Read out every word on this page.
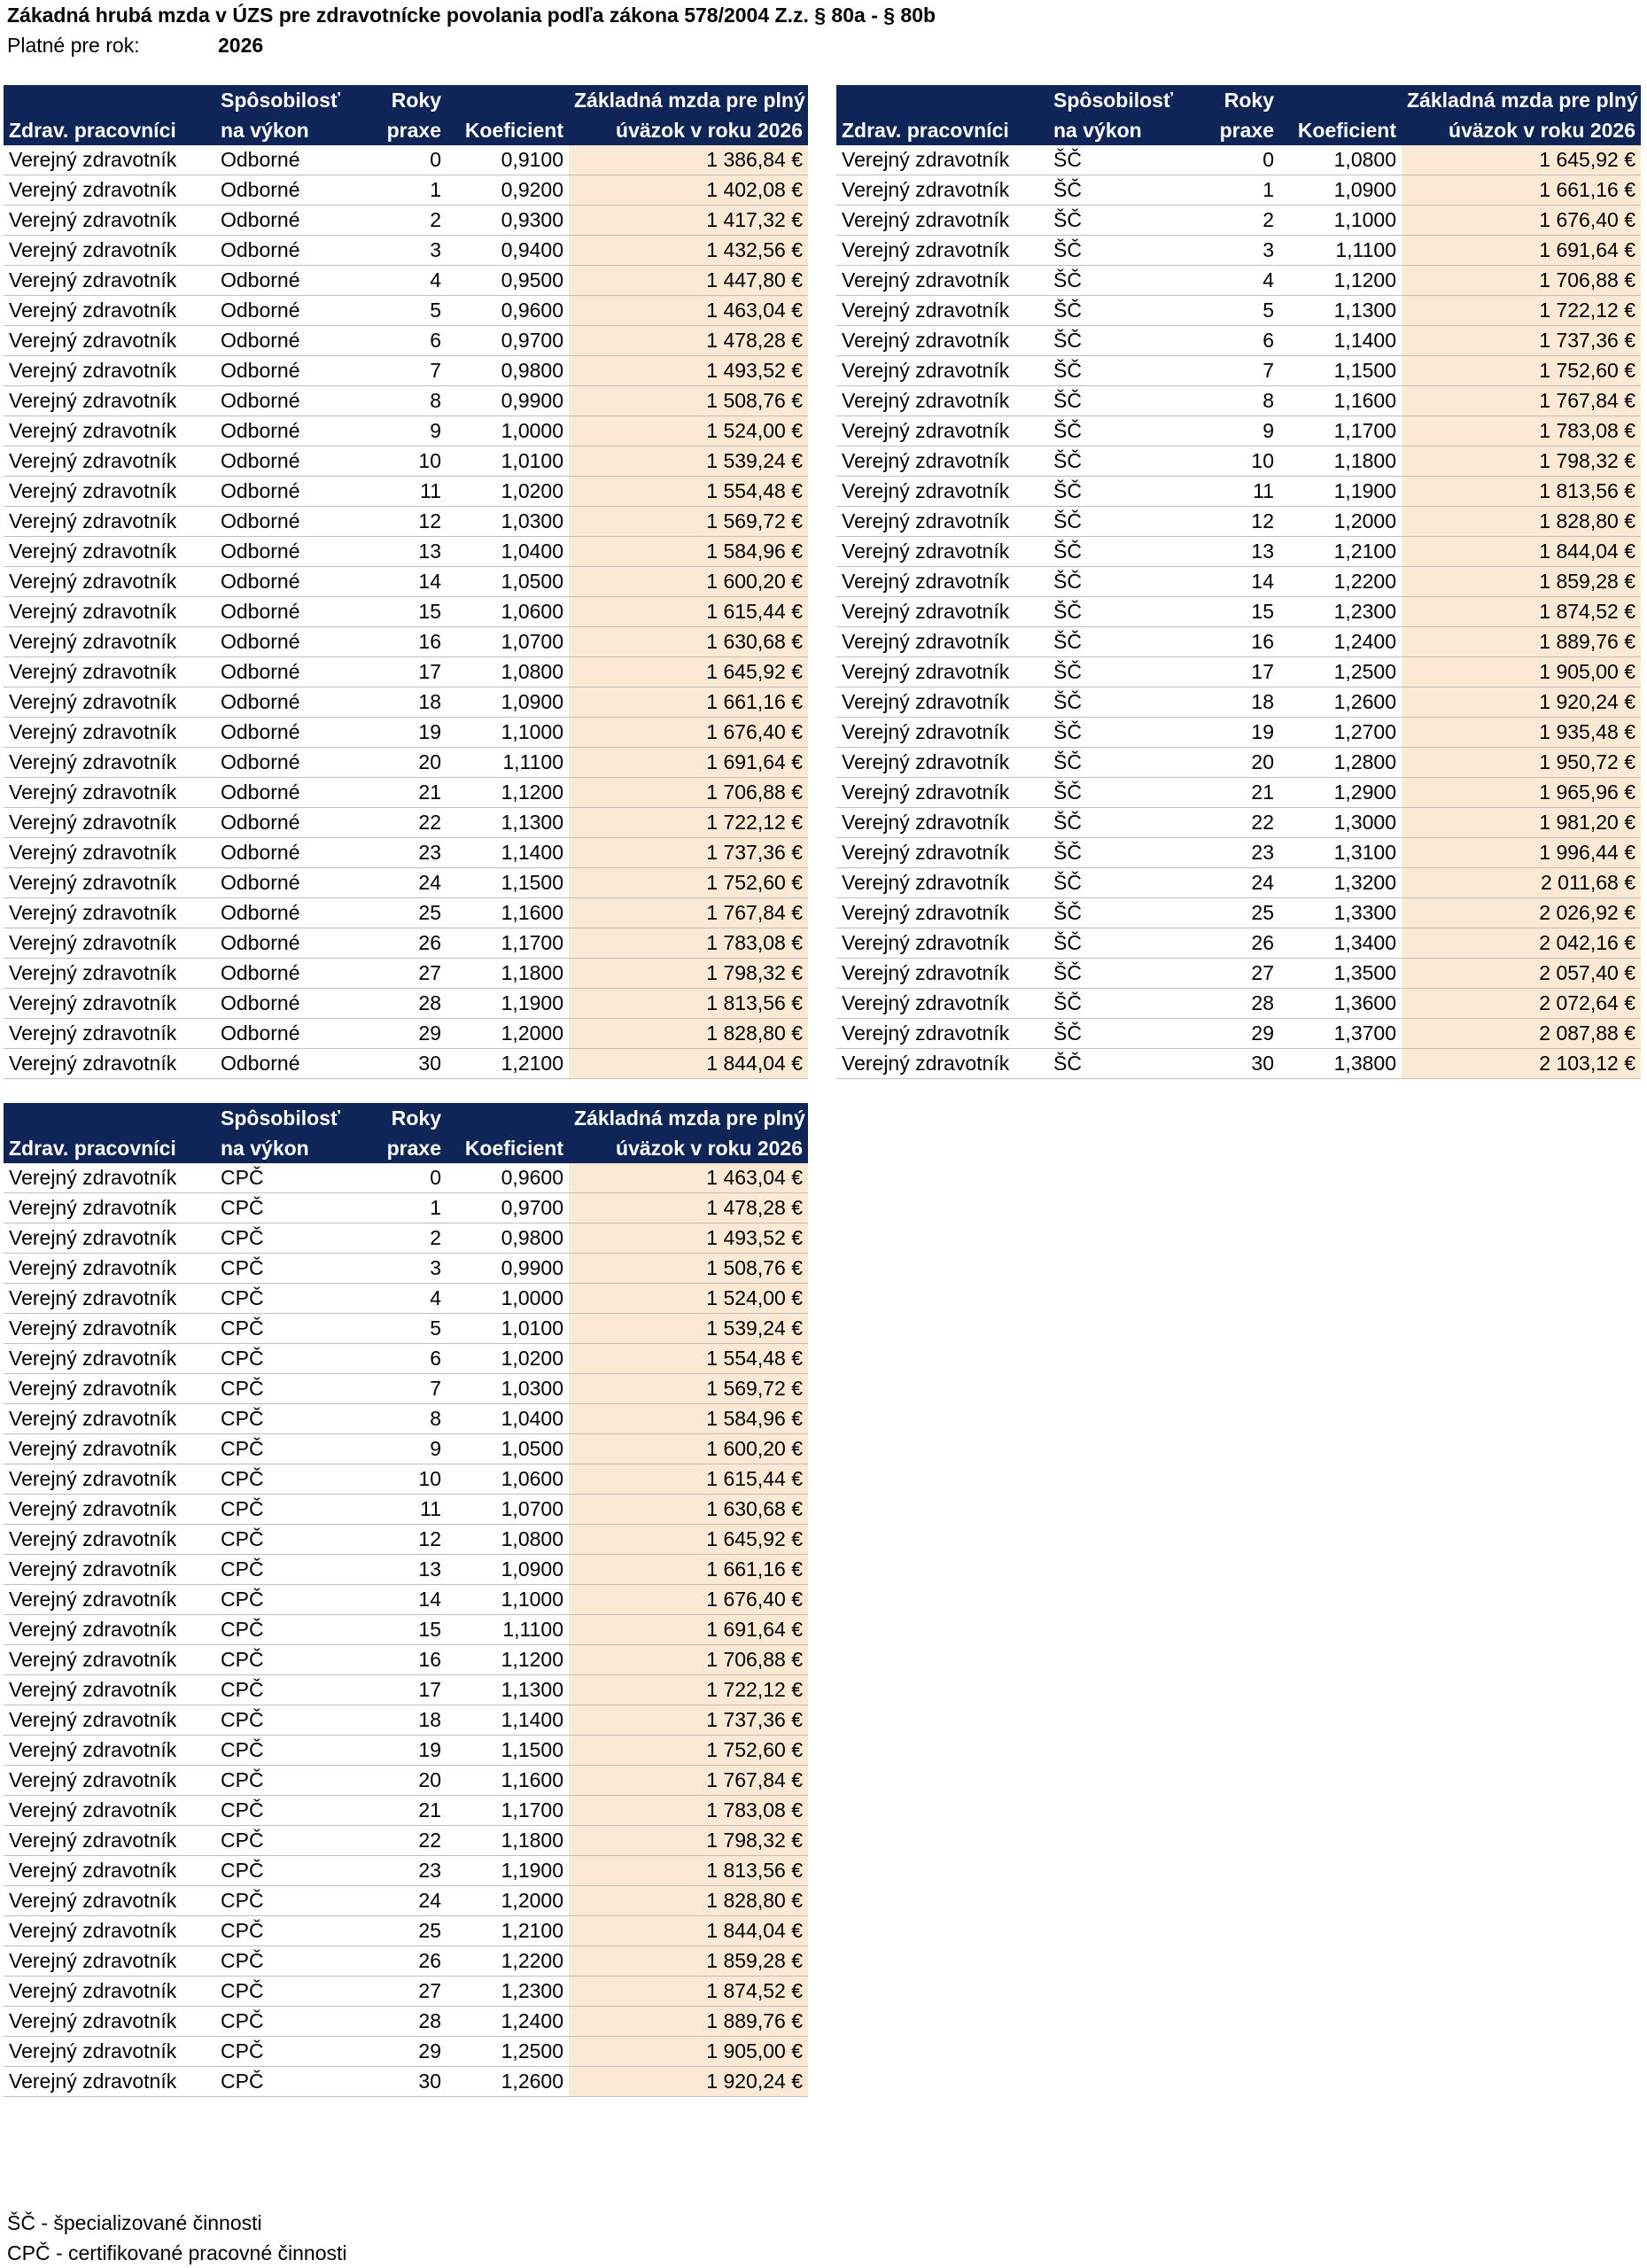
Zákadná hrubá mzda v ÚZS pre zdravotnícke povolania podľa zákona 578/2004 Z.z. § 80a - § 80b
Platné pre rok:	2026
	Spôsobilosť	Roky		Základná mzda pre plný
Zdrav. pracovníci	na výkon	praxe	Koeficient	úväzok v roku 2026
Verejný zdravotník	Odborné	0	0,9100	1 386,84 €
Verejný zdravotník	Odborné	1	0,9200	1 402,08 €
Verejný zdravotník	Odborné	2	0,9300	1 417,32 €
Verejný zdravotník	Odborné	3	0,9400	1 432,56 €
Verejný zdravotník	Odborné	4	0,9500	1 447,80 €
Verejný zdravotník	Odborné	5	0,9600	1 463,04 €
Verejný zdravotník	Odborné	6	0,9700	1 478,28 €
Verejný zdravotník	Odborné	7	0,9800	1 493,52 €
Verejný zdravotník	Odborné	8	0,9900	1 508,76 €
Verejný zdravotník	Odborné	9	1,0000	1 524,00 €
Verejný zdravotník	Odborné	10	1,0100	1 539,24 €
Verejný zdravotník	Odborné	11	1,0200	1 554,48 €
Verejný zdravotník	Odborné	12	1,0300	1 569,72 €
Verejný zdravotník	Odborné	13	1,0400	1 584,96 €
Verejný zdravotník	Odborné	14	1,0500	1 600,20 €
Verejný zdravotník	Odborné	15	1,0600	1 615,44 €
Verejný zdravotník	Odborné	16	1,0700	1 630,68 €
Verejný zdravotník	Odborné	17	1,0800	1 645,92 €
Verejný zdravotník	Odborné	18	1,0900	1 661,16 €
Verejný zdravotník	Odborné	19	1,1000	1 676,40 €
Verejný zdravotník	Odborné	20	1,1100	1 691,64 €
Verejný zdravotník	Odborné	21	1,1200	1 706,88 €
Verejný zdravotník	Odborné	22	1,1300	1 722,12 €
Verejný zdravotník	Odborné	23	1,1400	1 737,36 €
Verejný zdravotník	Odborné	24	1,1500	1 752,60 €
Verejný zdravotník	Odborné	25	1,1600	1 767,84 €
Verejný zdravotník	Odborné	26	1,1700	1 783,08 €
Verejný zdravotník	Odborné	27	1,1800	1 798,32 €
Verejný zdravotník	Odborné	28	1,1900	1 813,56 €
Verejný zdravotník	Odborné	29	1,2000	1 828,80 €
Verejný zdravotník	Odborné	30	1,2100	1 844,04 €
	Spôsobilosť	Roky		Základná mzda pre plný
Zdrav. pracovníci	na výkon	praxe	Koeficient	úväzok v roku 2026
Verejný zdravotník	ŠČ	0	1,0800	1 645,92 €
Verejný zdravotník	ŠČ	1	1,0900	1 661,16 €
Verejný zdravotník	ŠČ	2	1,1000	1 676,40 €
Verejný zdravotník	ŠČ	3	1,1100	1 691,64 €
Verejný zdravotník	ŠČ	4	1,1200	1 706,88 €
Verejný zdravotník	ŠČ	5	1,1300	1 722,12 €
Verejný zdravotník	ŠČ	6	1,1400	1 737,36 €
Verejný zdravotník	ŠČ	7	1,1500	1 752,60 €
Verejný zdravotník	ŠČ	8	1,1600	1 767,84 €
Verejný zdravotník	ŠČ	9	1,1700	1 783,08 €
Verejný zdravotník	ŠČ	10	1,1800	1 798,32 €
Verejný zdravotník	ŠČ	11	1,1900	1 813,56 €
Verejný zdravotník	ŠČ	12	1,2000	1 828,80 €
Verejný zdravotník	ŠČ	13	1,2100	1 844,04 €
Verejný zdravotník	ŠČ	14	1,2200	1 859,28 €
Verejný zdravotník	ŠČ	15	1,2300	1 874,52 €
Verejný zdravotník	ŠČ	16	1,2400	1 889,76 €
Verejný zdravotník	ŠČ	17	1,2500	1 905,00 €
Verejný zdravotník	ŠČ	18	1,2600	1 920,24 €
Verejný zdravotník	ŠČ	19	1,2700	1 935,48 €
Verejný zdravotník	ŠČ	20	1,2800	1 950,72 €
Verejný zdravotník	ŠČ	21	1,2900	1 965,96 €
Verejný zdravotník	ŠČ	22	1,3000	1 981,20 €
Verejný zdravotník	ŠČ	23	1,3100	1 996,44 €
Verejný zdravotník	ŠČ	24	1,3200	2 011,68 €
Verejný zdravotník	ŠČ	25	1,3300	2 026,92 €
Verejný zdravotník	ŠČ	26	1,3400	2 042,16 €
Verejný zdravotník	ŠČ	27	1,3500	2 057,40 €
Verejný zdravotník	ŠČ	28	1,3600	2 072,64 €
Verejný zdravotník	ŠČ	29	1,3700	2 087,88 €
Verejný zdravotník	ŠČ	30	1,3800	2 103,12 €
	Spôsobilosť	Roky		Základná mzda pre plný
Zdrav. pracovníci	na výkon	praxe	Koeficient	úväzok v roku 2026
Verejný zdravotník	CPČ	0	0,9600	1 463,04 €
Verejný zdravotník	CPČ	1	0,9700	1 478,28 €
Verejný zdravotník	CPČ	2	0,9800	1 493,52 €
Verejný zdravotník	CPČ	3	0,9900	1 508,76 €
Verejný zdravotník	CPČ	4	1,0000	1 524,00 €
Verejný zdravotník	CPČ	5	1,0100	1 539,24 €
Verejný zdravotník	CPČ	6	1,0200	1 554,48 €
Verejný zdravotník	CPČ	7	1,0300	1 569,72 €
Verejný zdravotník	CPČ	8	1,0400	1 584,96 €
Verejný zdravotník	CPČ	9	1,0500	1 600,20 €
Verejný zdravotník	CPČ	10	1,0600	1 615,44 €
Verejný zdravotník	CPČ	11	1,0700	1 630,68 €
Verejný zdravotník	CPČ	12	1,0800	1 645,92 €
Verejný zdravotník	CPČ	13	1,0900	1 661,16 €
Verejný zdravotník	CPČ	14	1,1000	1 676,40 €
Verejný zdravotník	CPČ	15	1,1100	1 691,64 €
Verejný zdravotník	CPČ	16	1,1200	1 706,88 €
Verejný zdravotník	CPČ	17	1,1300	1 722,12 €
Verejný zdravotník	CPČ	18	1,1400	1 737,36 €
Verejný zdravotník	CPČ	19	1,1500	1 752,60 €
Verejný zdravotník	CPČ	20	1,1600	1 767,84 €
Verejný zdravotník	CPČ	21	1,1700	1 783,08 €
Verejný zdravotník	CPČ	22	1,1800	1 798,32 €
Verejný zdravotník	CPČ	23	1,1900	1 813,56 €
Verejný zdravotník	CPČ	24	1,2000	1 828,80 €
Verejný zdravotník	CPČ	25	1,2100	1 844,04 €
Verejný zdravotník	CPČ	26	1,2200	1 859,28 €
Verejný zdravotník	CPČ	27	1,2300	1 874,52 €
Verejný zdravotník	CPČ	28	1,2400	1 889,76 €
Verejný zdravotník	CPČ	29	1,2500	1 905,00 €
Verejný zdravotník	CPČ	30	1,2600	1 920,24 €
ŠČ - špecializované činnosti
CPČ - certifikované pracovné činnosti
